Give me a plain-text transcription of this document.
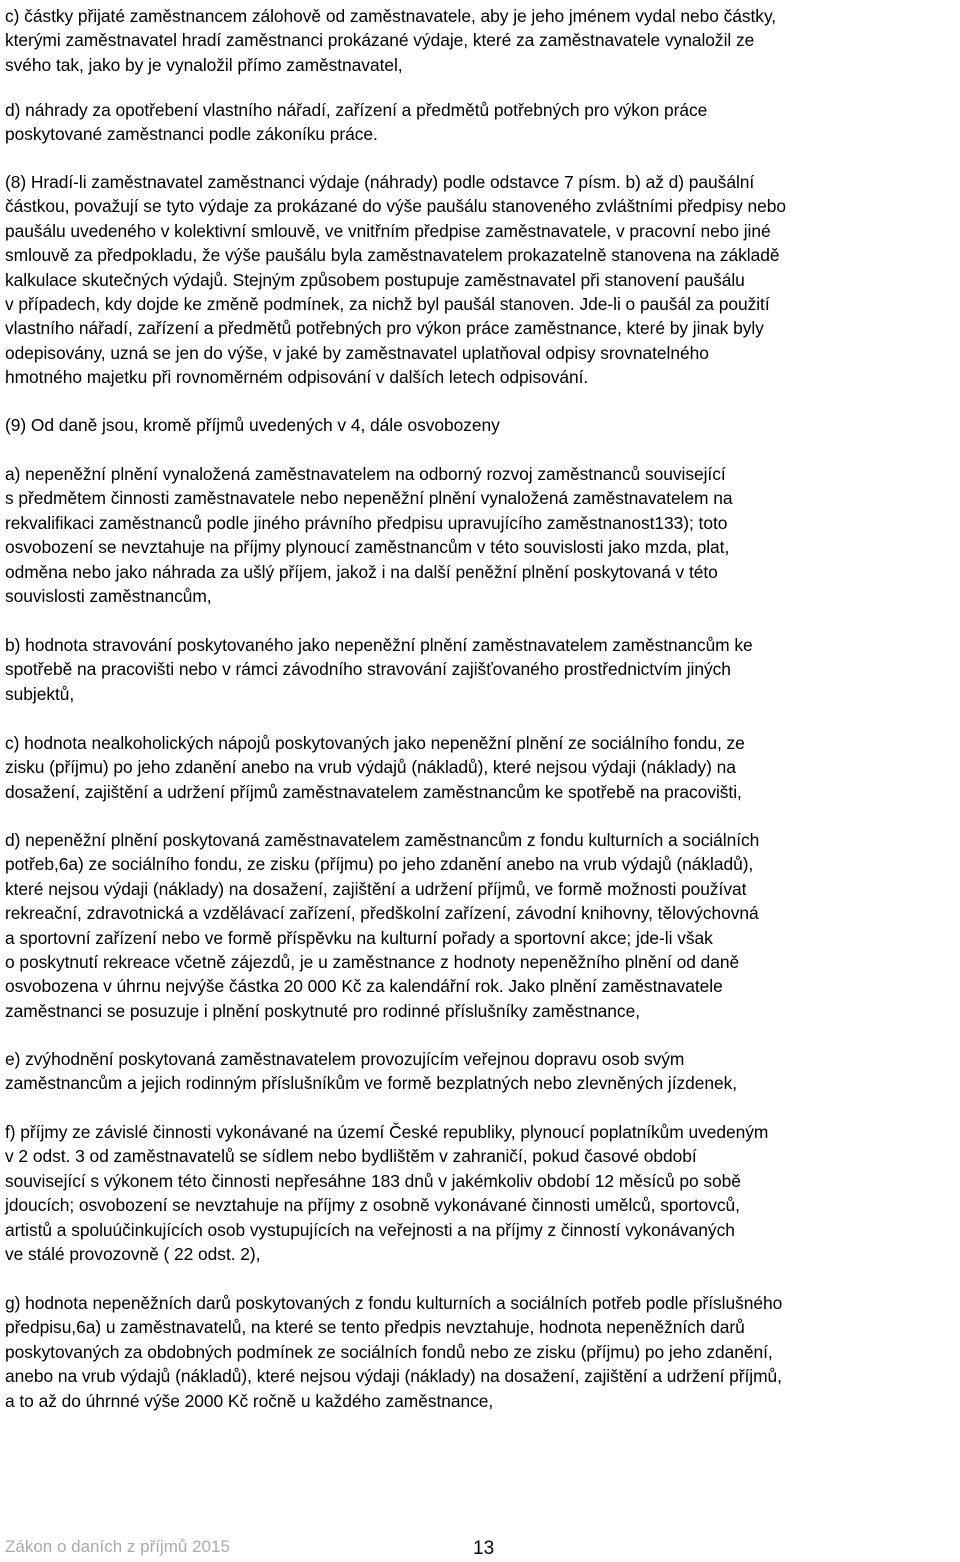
c) částky přijaté zaměstnancem zálohově od zaměstnavatele, aby je jeho jménem vydal nebo částky,
kterými zaměstnavatel hradí zaměstnanci prokázané výdaje, které za zaměstnavatele vynaložil ze
svého tak, jako by je vynaložil přímo zaměstnavatel,
d) náhrady za opotřebení vlastního nářadí, zařízení a předmětů potřebných pro výkon práce
poskytované zaměstnanci podle zákoníku práce.
(8) Hradí-li zaměstnavatel zaměstnanci výdaje (náhrady) podle odstavce 7 písm. b) až d) paušální
částkou, považují se tyto výdaje za prokázané do výše paušálu stanoveného zvláštními předpisy nebo
paušálu uvedeného v kolektivní smlouvě, ve vnitřním předpise zaměstnavatele, v pracovní nebo jiné
smlouvě za předpokladu, že výše paušálu byla zaměstnavatelem prokazatelně stanovena na základě
kalkulace skutečných výdajů. Stejným způsobem postupuje zaměstnavatel při stanovení paušálu
v případech, kdy dojde ke změně podmínek, za nichž byl paušál stanoven. Jde-li o paušál za použití
vlastního nářadí, zařízení a předmětů potřebných pro výkon práce zaměstnance, které by jinak byly
odepisovány, uzná se jen do výše, v jaké by zaměstnavatel uplatňoval odpisy srovnatelného
hmotného majetku při rovnoměrném odpisování v dalších letech odpisování.
(9) Od daně jsou, kromě příjmů uvedených v 4, dále osvobozeny
a) nepeněžní plnění vynaložená zaměstnavatelem na odborný rozvoj zaměstnanců související
s předmětem činnosti zaměstnavatele nebo nepeněžní plnění vynaložená zaměstnavatelem na
rekvalifikaci zaměstnanců podle jiného právního předpisu upravujícího zaměstnanost133); toto
osvobození se nevztahuje na příjmy plynoucí zaměstnancům v této souvislosti jako mzda, plat,
odměna nebo jako náhrada za ušlý příjem, jakož i na další peněžní plnění poskytovaná v této
souvislosti zaměstnancům,
b) hodnota stravování poskytovaného jako nepeněžní plnění zaměstnavatelem zaměstnancům ke
spotřebě na pracovišti nebo v rámci závodního stravování zajišťovaného prostřednictvím jiných
subjektů,
c) hodnota nealkoholických nápojů poskytovaných jako nepeněžní plnění ze sociálního fondu, ze
zisku (příjmu) po jeho zdanění anebo na vrub výdajů (nákladů), které nejsou výdaji (náklady) na
dosažení, zajištění a udržení příjmů zaměstnavatelem zaměstnancům ke spotřebě na pracovišti,
d) nepeněžní plnění poskytovaná zaměstnavatelem zaměstnancům z fondu kulturních a sociálních
potřeb,6a) ze sociálního fondu, ze zisku (příjmu) po jeho zdanění anebo na vrub výdajů (nákladů),
které nejsou výdaji (náklady) na dosažení, zajištění a udržení příjmů, ve formě možnosti používat
rekreační, zdravotnická a vzdělávací zařízení, předškolní zařízení, závodní knihovny, tělovýchovná
a sportovní zařízení nebo ve formě příspěvku na kulturní pořady a sportovní akce; jde-li však
o poskytnutí rekreace včetně zájezdů, je u zaměstnance z hodnoty nepeněžního plnění od daně
osvobozena v úhrnu nejvýše částka 20 000 Kč za kalendářní rok. Jako plnění zaměstnavatele
zaměstnanci se posuzuje i plnění poskytnuté pro rodinné příslušníky zaměstnance,
e) zvýhodnění poskytovaná zaměstnavatelem provozujícím veřejnou dopravu osob svým
zaměstnancům a jejich rodinným příslušníkům ve formě bezplatných nebo zlevněných jízdenek,
f) příjmy ze závislé činnosti vykonávané na území České republiky, plynoucí poplatníkům uvedeným
v 2 odst. 3 od zaměstnavatelů se sídlem nebo bydlištěm v zahraničí, pokud časové období
související s výkonem této činnosti nepřesáhne 183 dnů v jakémkoliv období 12 měsíců po sobě
jdoucích; osvobození se nevztahuje na příjmy z osobně vykonávané činnosti umělců, sportovců,
artistů a spoluúčinkujících osob vystupujících na veřejnosti a na příjmy z činností vykonávaných
ve stálé provozovně ( 22 odst. 2),
g) hodnota nepeněžních darů poskytovaných z fondu kulturních a sociálních potřeb podle příslušného
předpisu,6a) u zaměstnavatelů, na které se tento předpis nevztahuje, hodnota nepeněžních darů
poskytovaných za obdobných podmínek ze sociálních fondů nebo ze zisku (příjmu) po jeho zdanění,
anebo na vrub výdajů (nákladů), které nejsou výdaji (náklady) na dosažení, zajištění a udržení příjmů,
a to až do úhrnné výše 2000 Kč ročně u každého zaměstnance,
Zákon o daních z příjmů 2015	13
